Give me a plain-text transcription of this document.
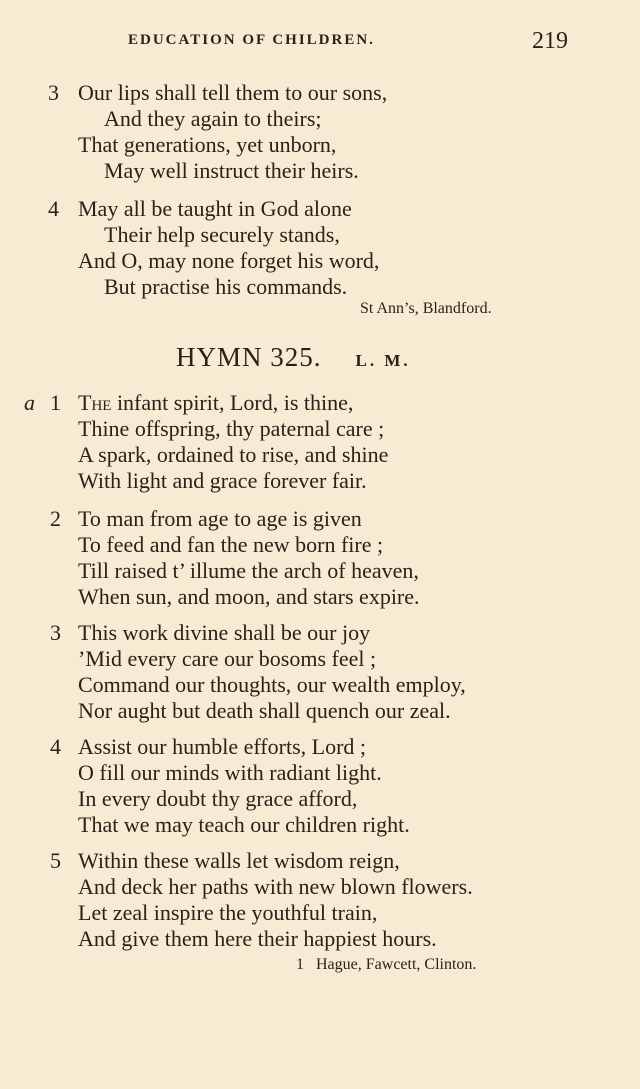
EDUCATION OF CHILDREN.	219
3 Our lips shall tell them to our sons,
And they again to theirs;
That generations, yet unborn,
May well instruct their heirs.
4 May all be taught in God alone
Their help securely stands,
And O, may none forget his word,
But practise his commands.
St Ann’s, Blandford.
HYMN 325. L. M.
a 1 The infant spirit, Lord, is thine,
Thine offspring, thy paternal care ;
A spark, ordained to rise, and shine
With light and grace forever fair.
2 To man from age to age is given
To feed and fan the new born fire ;
Till raised t’ illume the arch of heaven,
When sun, and moon, and stars expire.
3 This work divine shall be our joy
’Mid every care our bosoms feel ;
Command our thoughts, our wealth employ,
Nor aught but death shall quench our zeal.
4 Assist our humble efforts, Lord ;
O fill our minds with radiant light.
In every doubt thy grace afford,
That we may teach our children right.
5 Within these walls let wisdom reign,
And deck her paths with new blown flowers.
Let zeal inspire the youthful train,
And give them here their happiest hours.
1 Hague, Fawcett, Clinton.
